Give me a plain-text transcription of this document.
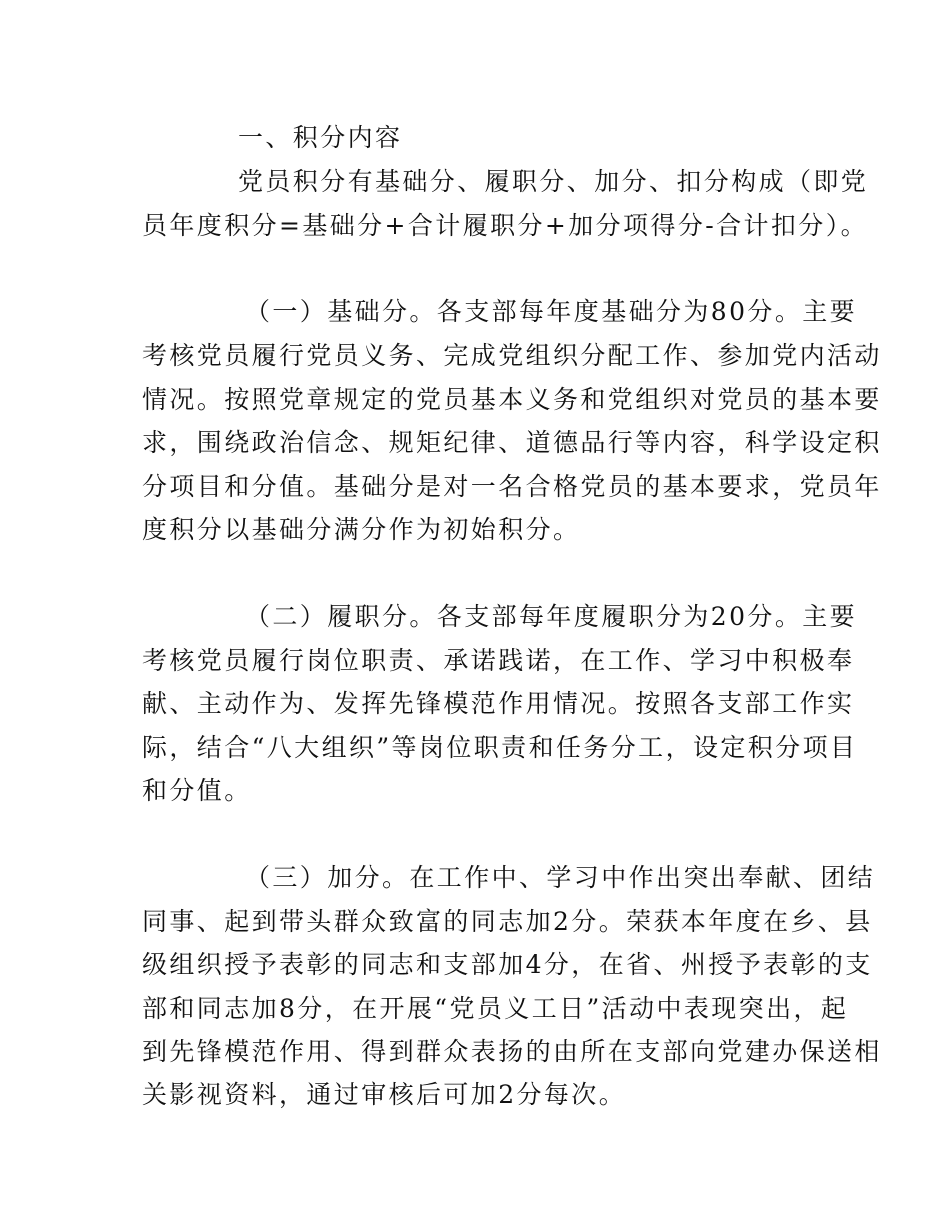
一、积分内容
党员积分有基础分、履职分、加分、扣分构成（即党
员年度积分=基础分+合计履职分+加分项得分-合计扣分）。
（一）基础分。各支部每年度基础分为80分。主要
考核党员履行党员义务、完成党组织分配工作、参加党内活动
情况。按照党章规定的党员基本义务和党组织对党员的基本要
求，围绕政治信念、规矩纪律、道德品行等内容，科学设定积
分项目和分值。基础分是对一名合格党员的基本要求，党员年
度积分以基础分满分作为初始积分。
（二）履职分。各支部每年度履职分为20分。主要
考核党员履行岗位职责、承诺践诺，在工作、学习中积极奉
献、主动作为、发挥先锋模范作用情况。按照各支部工作实
际，结合“八大组织”等岗位职责和任务分工，设定积分项目
和分值。
（三）加分。在工作中、学习中作出突出奉献、团结
同事、起到带头群众致富的同志加2分。荣获本年度在乡、县
级组织授予表彰的同志和支部加4分，在省、州授予表彰的支
部和同志加8分，在开展“党员义工日”活动中表现突出，起
到先锋模范作用、得到群众表扬的由所在支部向党建办保送相
关影视资料，通过审核后可加2分每次。
